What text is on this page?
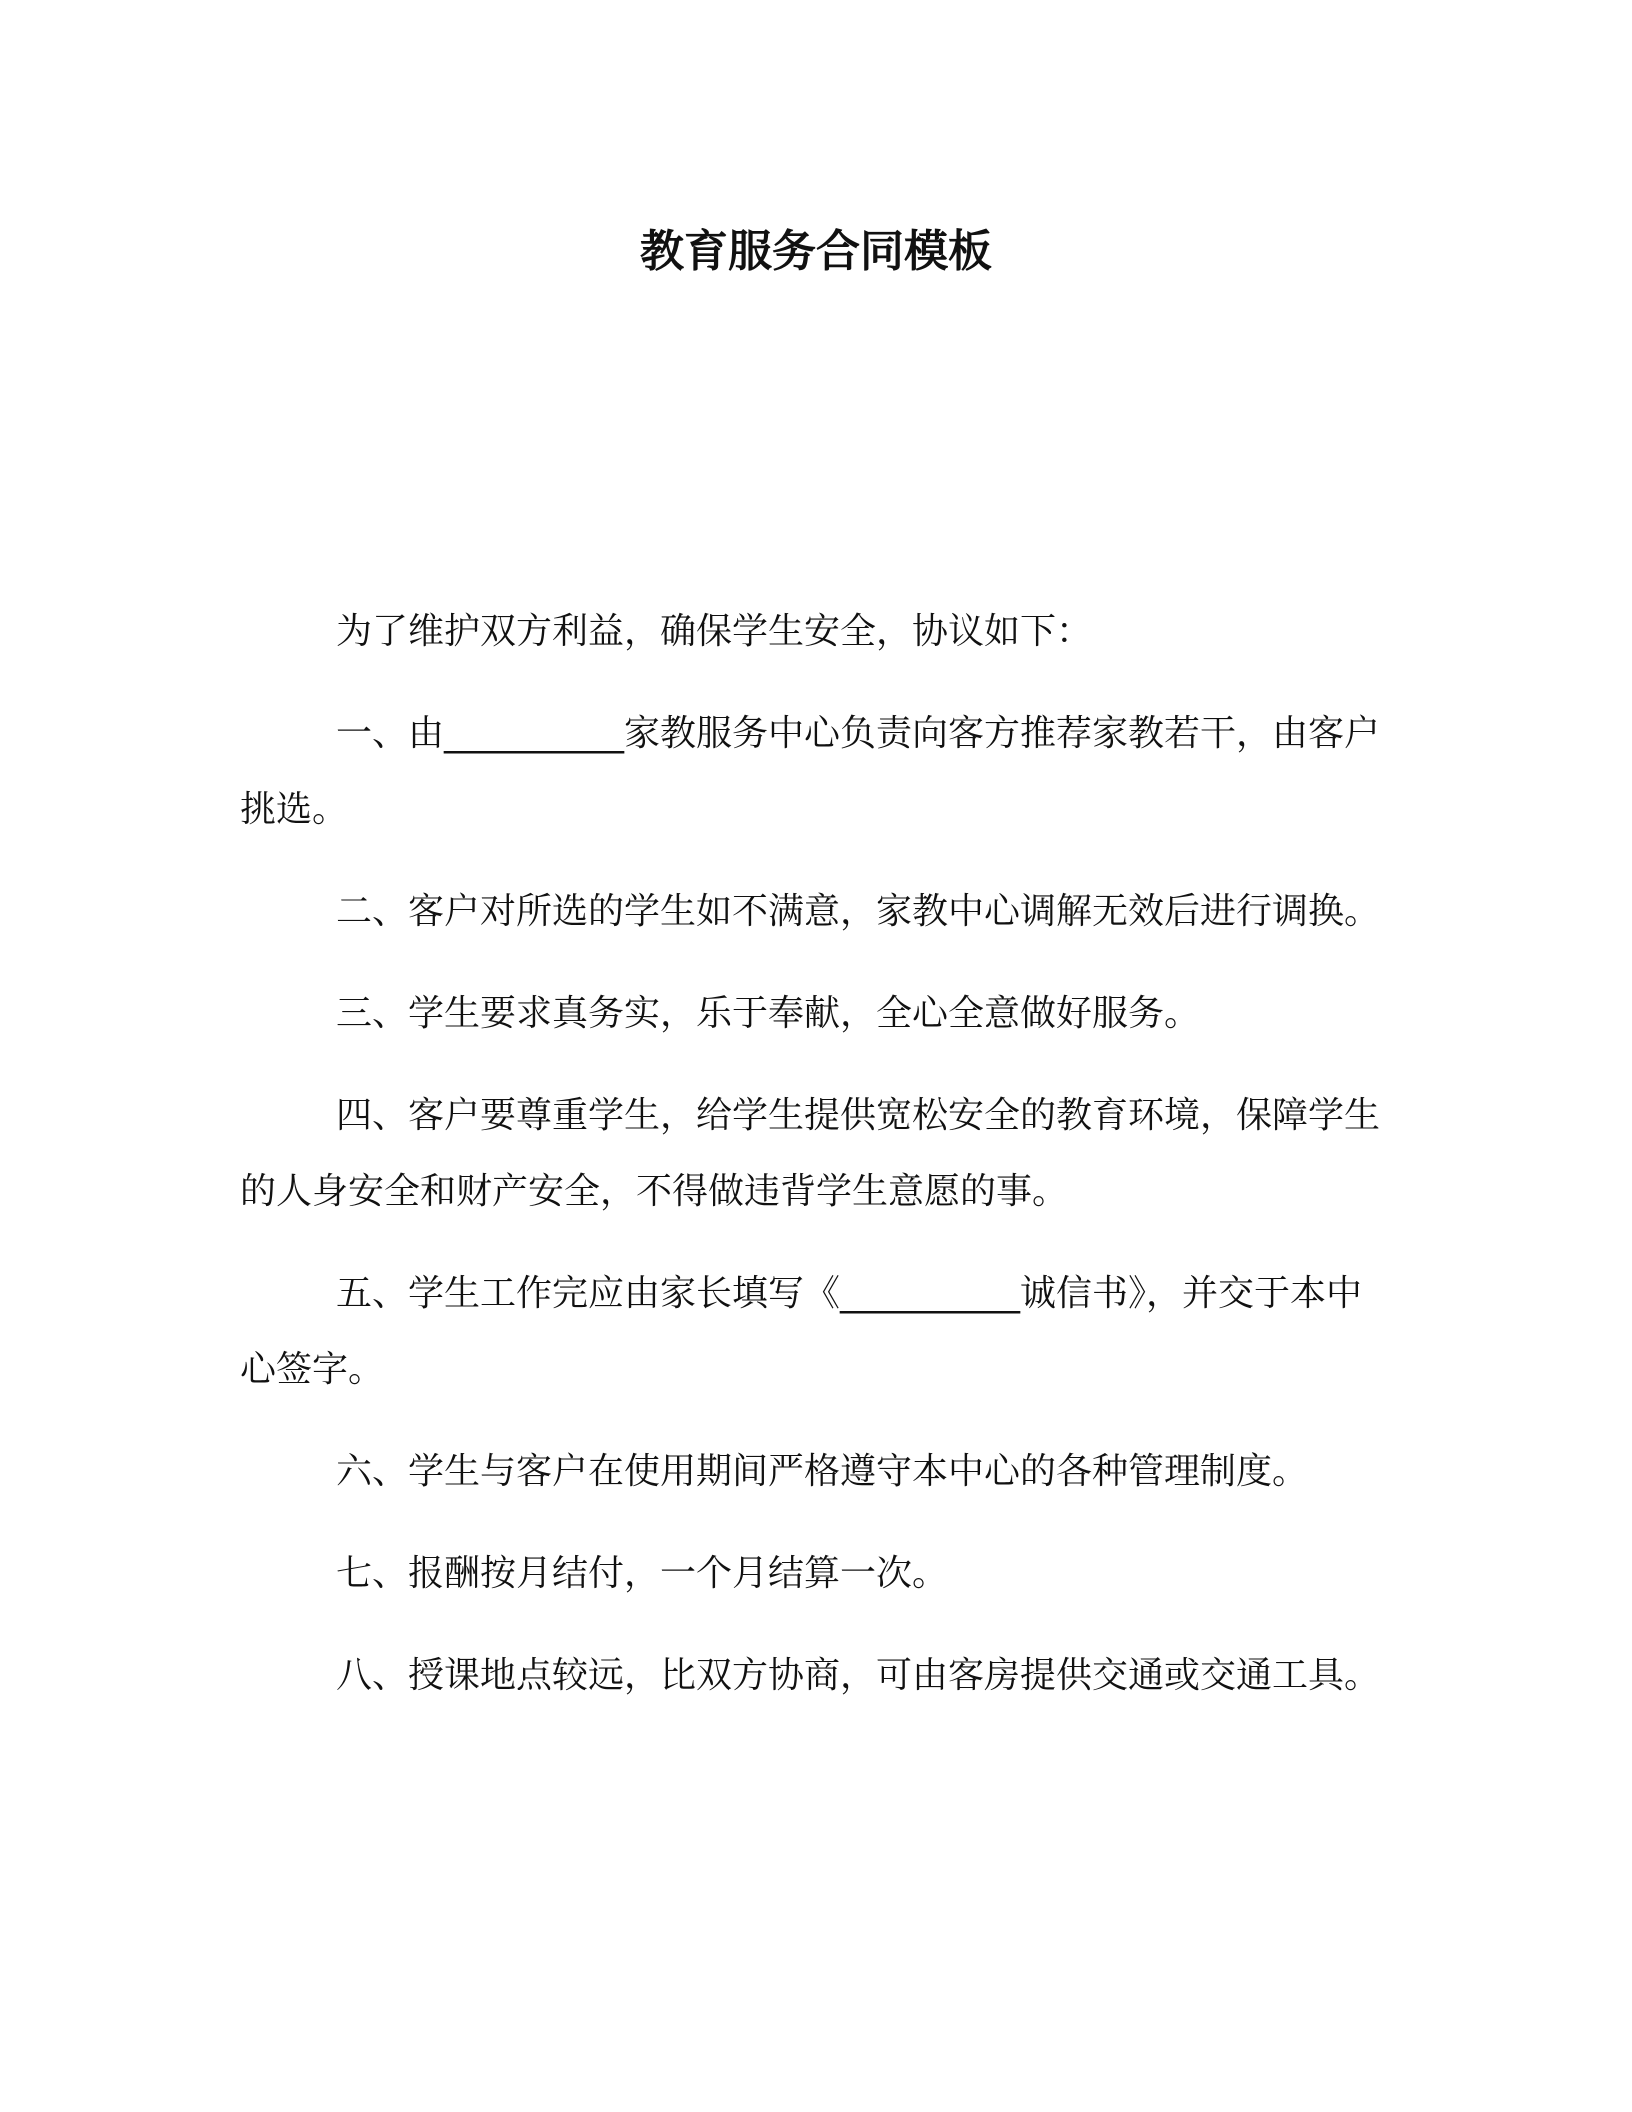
教育服务合同模板

为了维护双方利益，确保学生安全，协议如下：

一、由__________家教服务中心负责向客方推荐家教若干，由客户挑选。

二、客户对所选的学生如不满意，家教中心调解无效后进行调换。

三、学生要求真务实，乐于奉献，全心全意做好服务。

四、客户要尊重学生，给学生提供宽松安全的教育环境，保障学生的人身安全和财产安全，不得做违背学生意愿的事。

五、学生工作完应由家长填写《__________诚信书》，并交于本中心签字。

六、学生与客户在使用期间严格遵守本中心的各种管理制度。

七、报酬按月结付，一个月结算一次。

八、授课地点较远，比双方协商，可由客房提供交通或交通工具。
